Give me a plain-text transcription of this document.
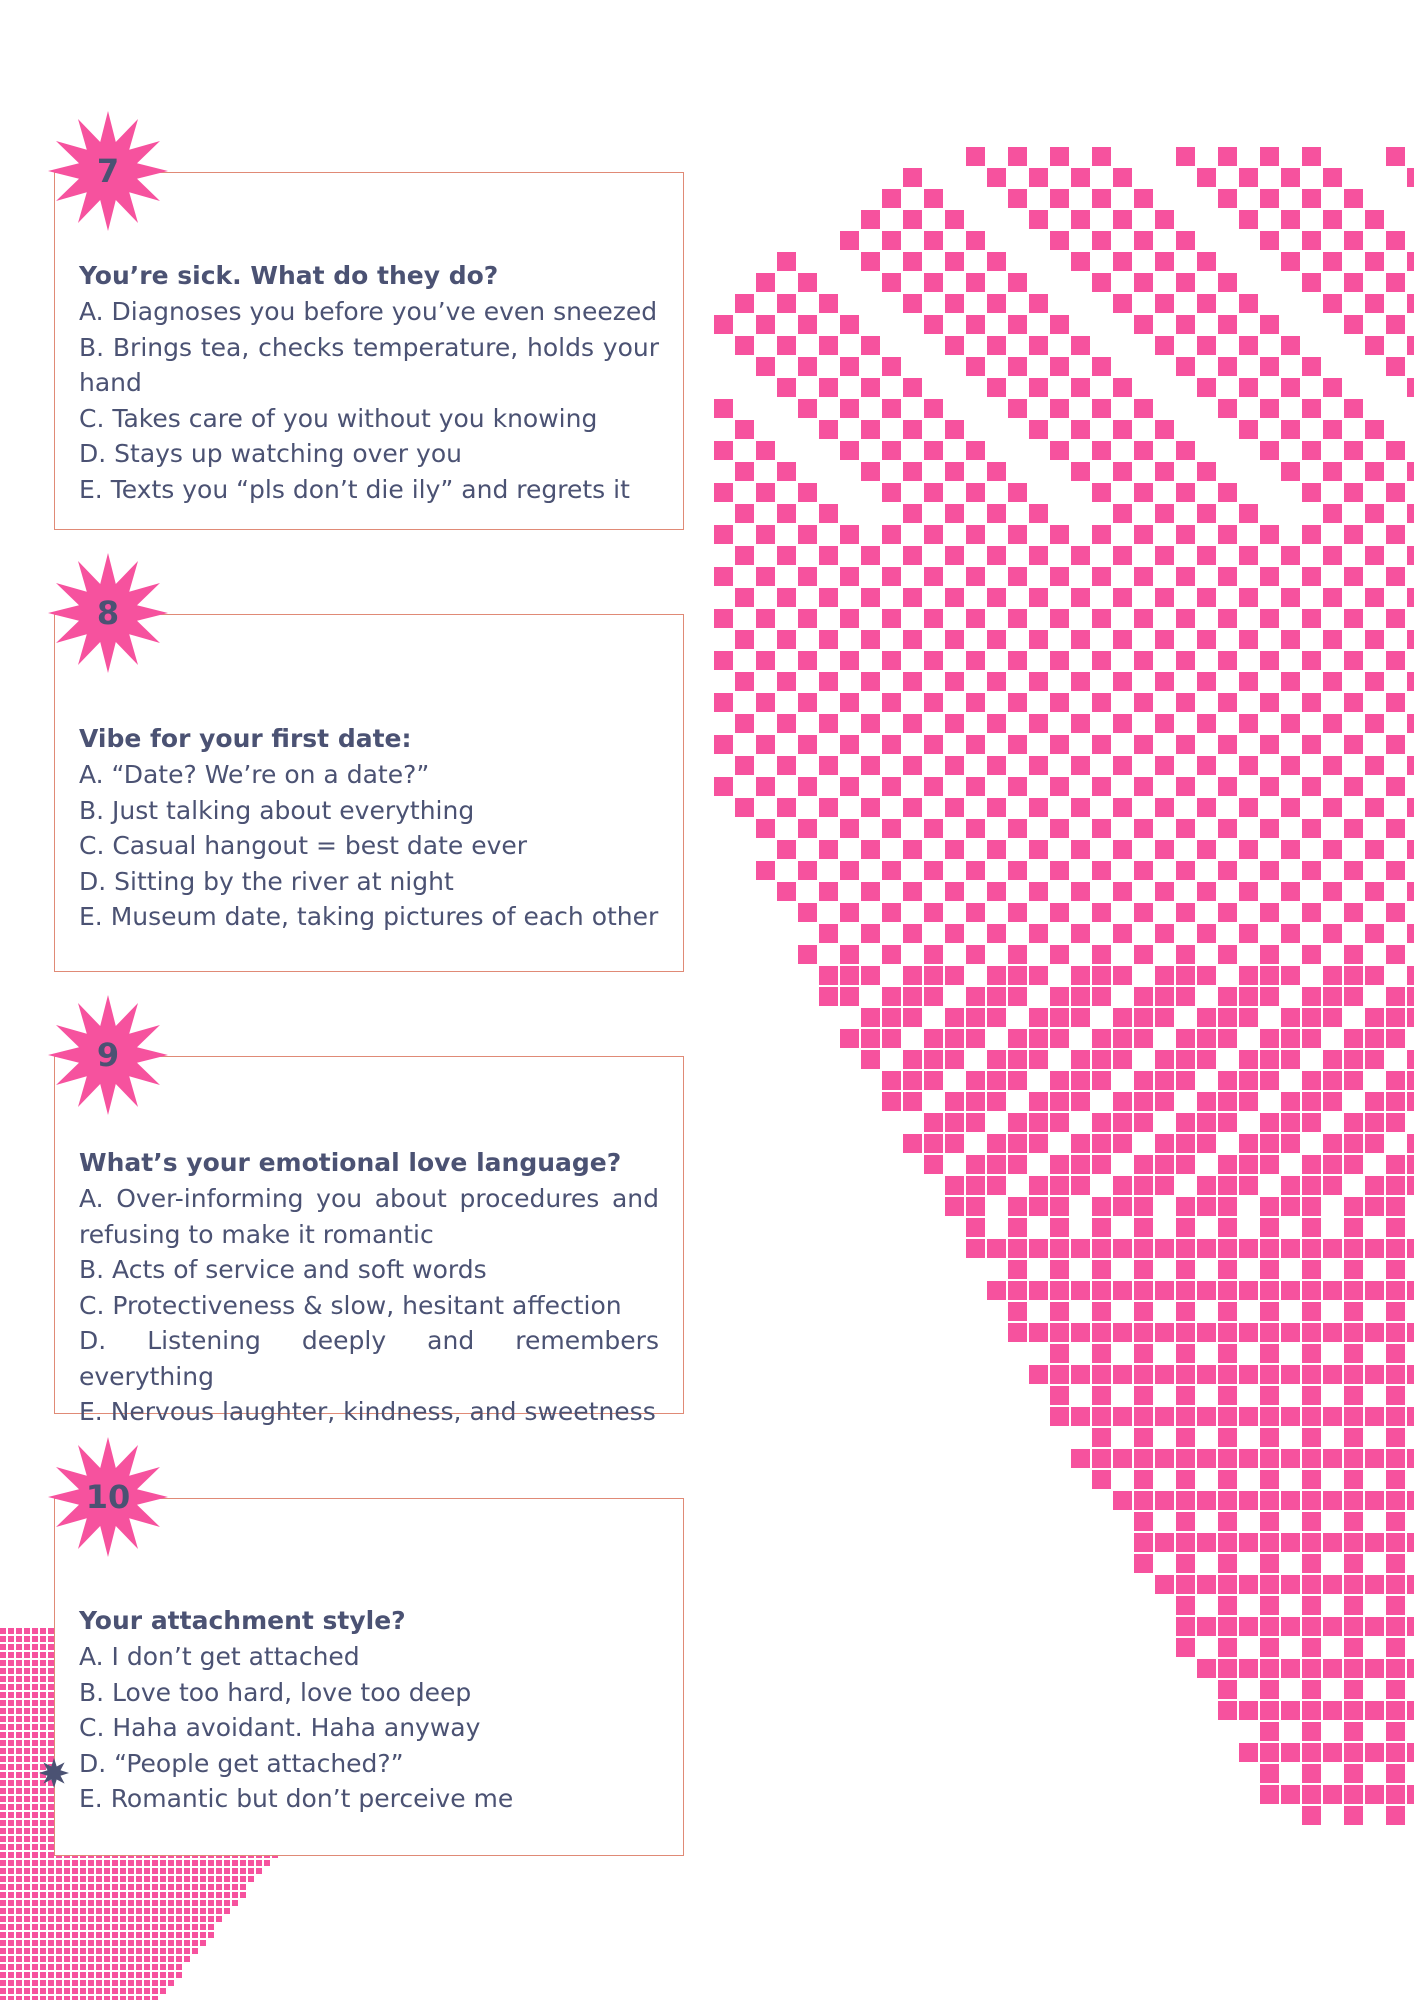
7
You’re sick. What do they do?

A. Diagnoses you before you’ve even sneezed

B. Brings tea, checks temperature, holds your hand

C. Takes care of you without you knowing

D. Stays up watching over you

E. Texts you “pls don’t die ily” and regrets it

8
Vibe for your first date:

A. “Date? We’re on a date?”

B. Just talking about everything

C. Casual hangout = best date ever

D. Sitting by the river at night

E. Museum date, taking pictures of each other

9
What’s your emotional love language?

A. Over-informing you about procedures and refusing to make it romantic

B. Acts of service and soft words

C. Protectiveness & slow, hesitant affection

D. Listening deeply and remembers everything

E. Nervous laughter, kindness, and sweetness

10
Your attachment style?

A. I don’t get attached

B. Love too hard, love too deep

C. Haha avoidant. Haha anyway

D. “People get attached?”

E. Romantic but don’t perceive me
